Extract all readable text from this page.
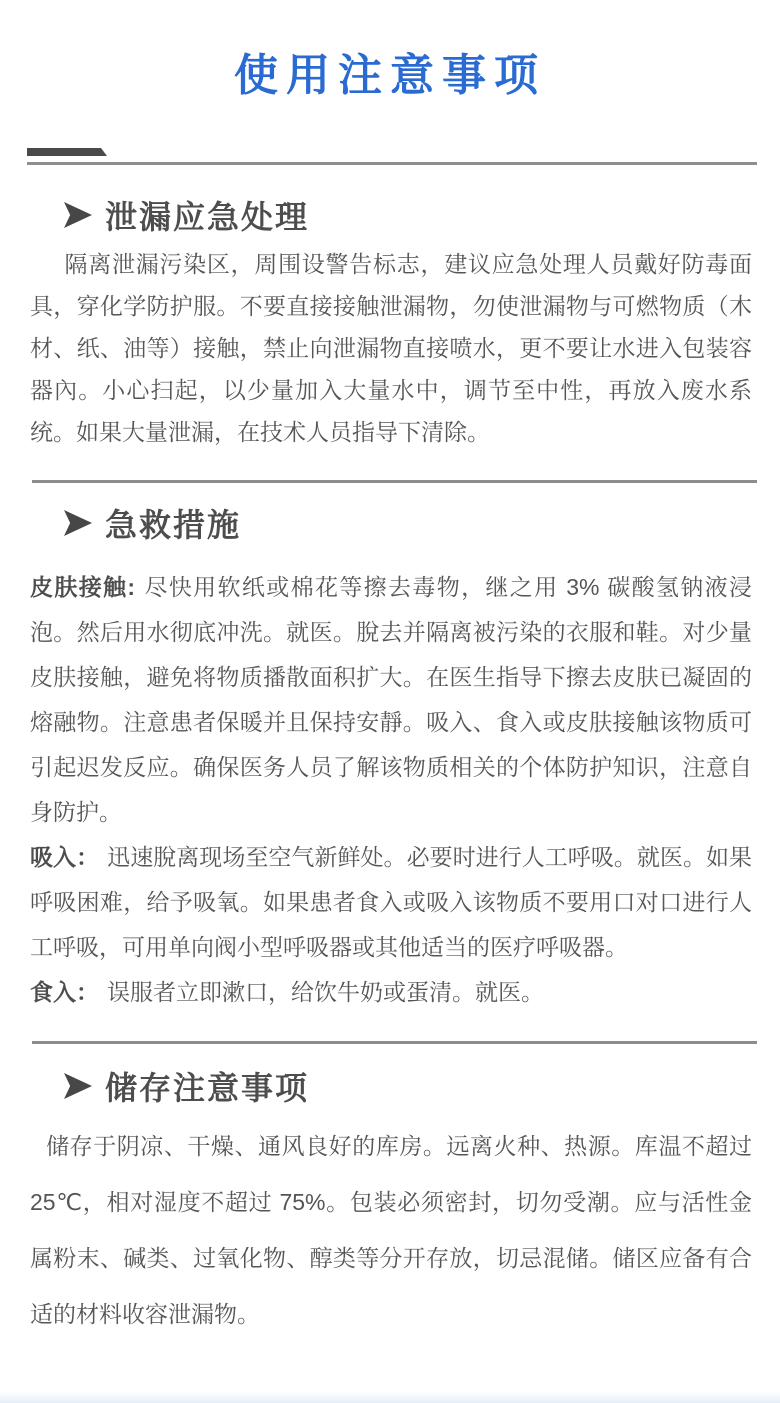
使用注意事项
泄漏应急处理

隔离泄漏污染区，周围设警告标志，建议应急处理人员戴好防毒面具，穿化学防护服。不要直接接触泄漏物，勿使泄漏物与可燃物质（木材、纸、油等）接触，禁止向泄漏物直接喷水，更不要让水进入包装容器內。小心扫起，以少量加入大量水中，调节至中性，再放入废水系统。如果大量泄漏，在技术人员指导下清除。

急救措施

皮肤接触: 尽快用软纸或棉花等擦去毒物，继之用 3% 碳酸氢钠液浸泡。然后用水彻底冲洗。就医。脫去并隔离被污染的衣服和鞋。对少量皮肤接触，避免将物质播散面积扩大。在医生指导下擦去皮肤已凝固的熔融物。注意患者保暖并且保持安靜。吸入、食入或皮肤接触该物质可引起迟发反应。确保医务人员了解该物质相关的个体防护知识，注意自身防护。

吸入： 迅速脫离现场至空气新鲜处。必要时进行人工呼吸。就医。如果呼吸困难，给予吸氧。如果患者食入或吸入该物质不要用口对口进行人工呼吸，可用单向阀小型呼吸器或其他适当的医疗呼吸器。

食入： 误服者立即漱口，给饮牛奶或蛋清。就医。

储存注意事项

储存于阴凉、干燥、通风良好的库房。远离火种、热源。库温不超过 25℃，相对湿度不超过 75%。包装必须密封，切勿受潮。应与活性金属粉末、碱类、过氧化物、醇类等分开存放，切忌混储。储区应备有合适的材料收容泄漏物。
